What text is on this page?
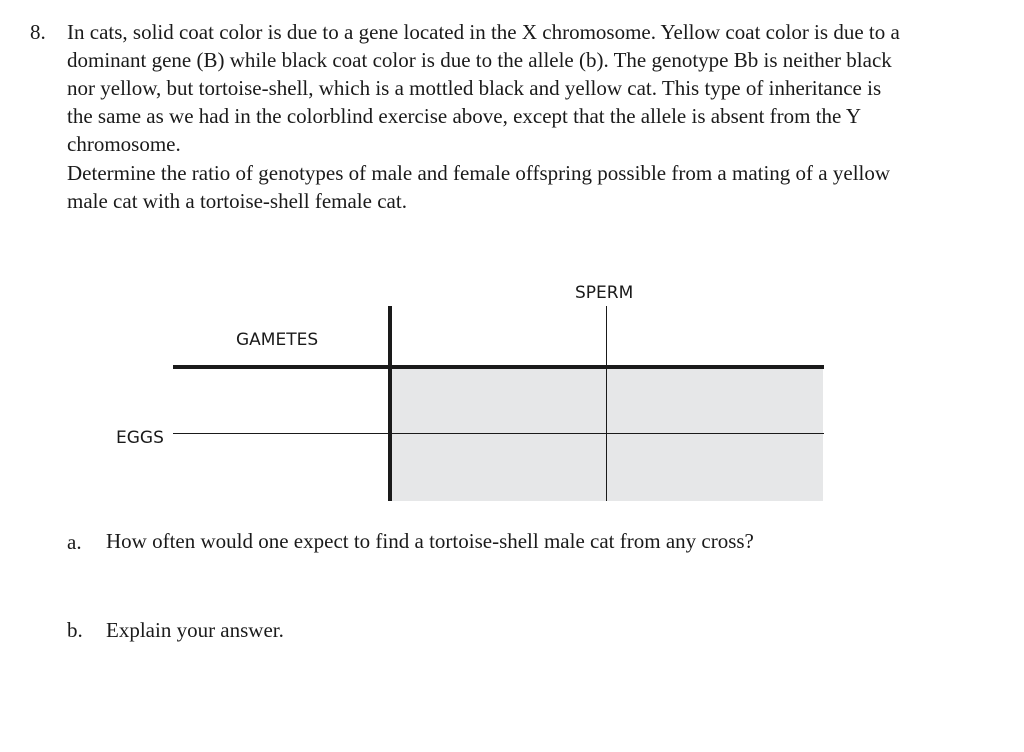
8. In cats, solid coat color is due to a gene located in the X chromosome. Yellow coat color is due to a dominant gene (B) while black coat color is due to the allele (b). The genotype Bb is neither black nor yellow, but tortoise-shell, which is a mottled black and yellow cat. This type of inheritance is the same as we had in the colorblind exercise above, except that the allele is absent from the Y chromosome.

Determine the ratio of genotypes of male and female offspring possible from a mating of a yellow male cat with a tortoise-shell female cat.

SPERM
GAMETES
EGGS
a. How often would one expect to find a tortoise-shell male cat from any cross?
b. Explain your answer.
